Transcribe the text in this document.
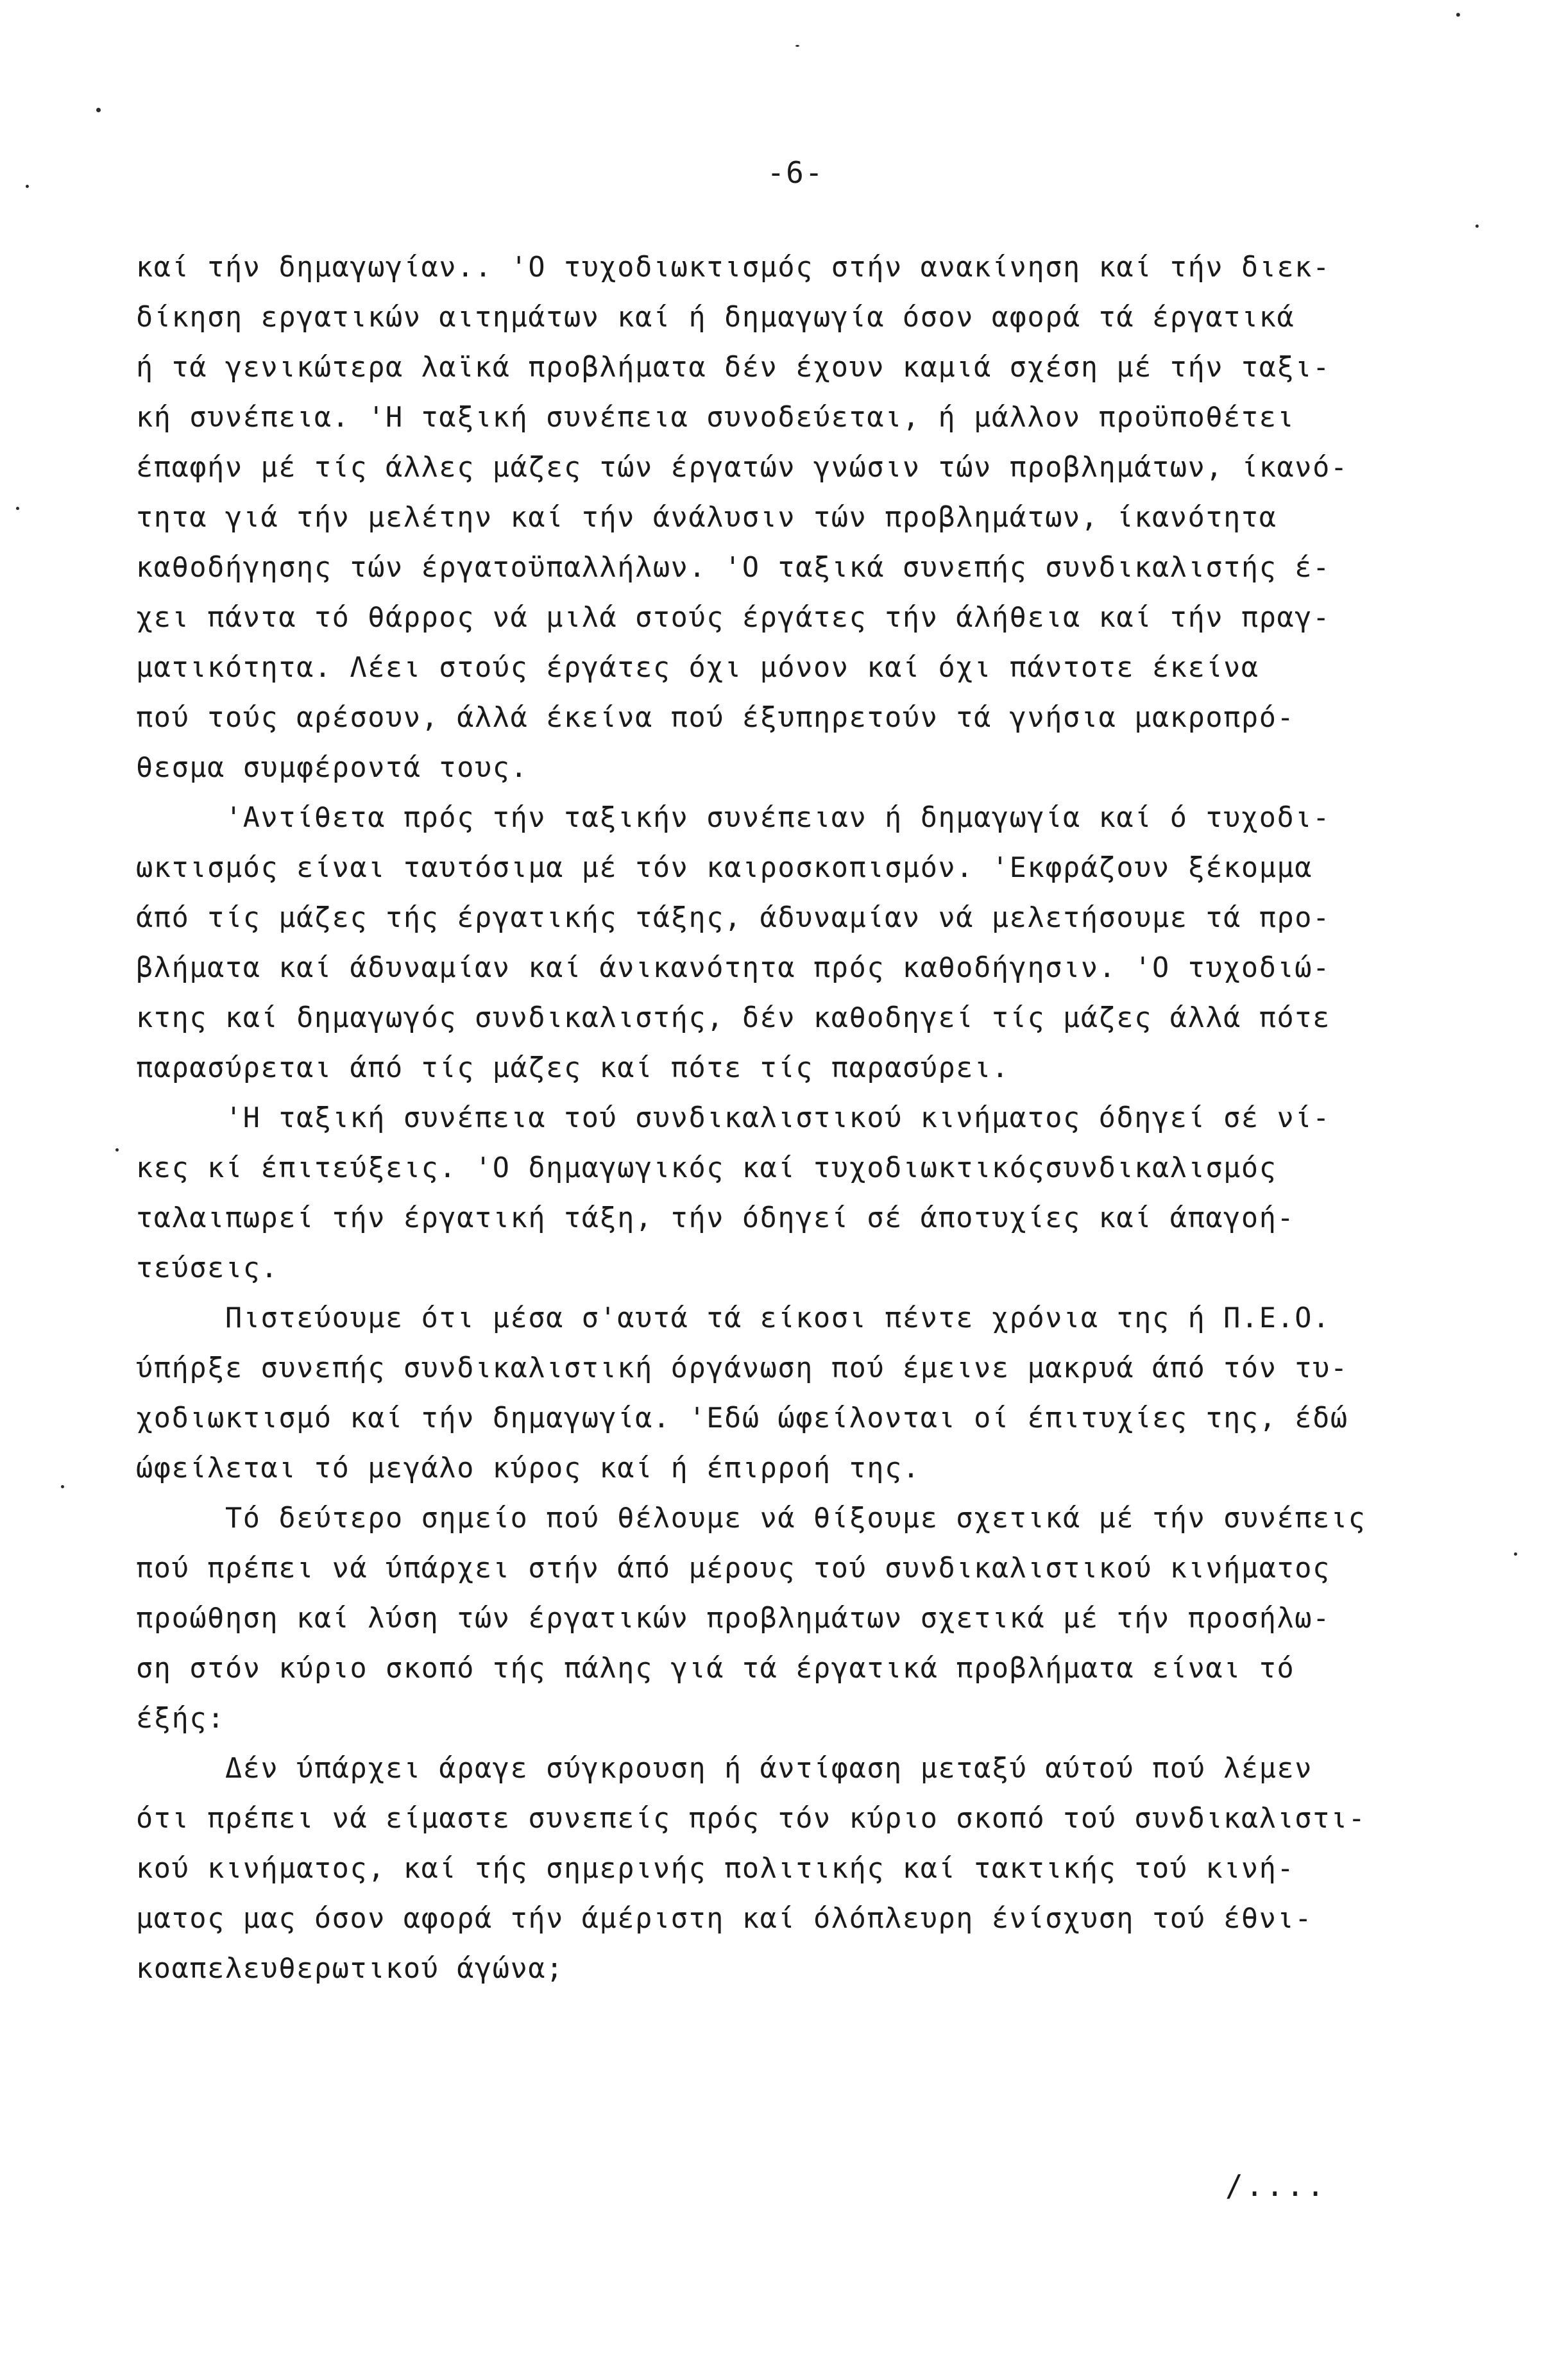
-6-
καί τήν δημαγωγίαν.. 'Ο τυχοδιωκτισμός στήν ανακίνηση καί τήν διεκ-
δίκηση εργατικών αιτημάτων καί ή δημαγωγία όσον αφορά τά έργατικά
ή τά γενικώτερα λαϊκά προβλήματα δέν έχουν καμιά σχέση μέ τήν ταξι-
κή συνέπεια. 'Η ταξική συνέπεια συνοδεύεται, ή μάλλον προϋποθέτει
έπαφήν μέ τίς άλλες μάζες τών έργατών γνώσιν τών προβλημάτων, ίκανό-
τητα γιά τήν μελέτην καί τήν άνάλυσιν τών προβλημάτων, ίκανότητα
καθοδήγησης τών έργατοϋπαλλήλων. 'Ο ταξικά συνεπής συνδικαλιστής έ-
χει πάντα τό θάρρος νά μιλά στούς έργάτες τήν άλήθεια καί τήν πραγ-
ματικότητα. Λέει στούς έργάτες όχι μόνον καί όχι πάντοτε έκείνα
πού τούς αρέσουν, άλλά έκείνα πού έξυπηρετούν τά γνήσια μακροπρό-
θεσμα συμφέροντά τους.
'Αντίθετα πρός τήν ταξικήν συνέπειαν ή δημαγωγία καί ό τυχοδι-
ωκτισμός είναι ταυτόσιμα μέ τόν καιροσκοπισμόν. 'Εκφράζουν ξέκομμα
άπό τίς μάζες τής έργατικής τάξης, άδυναμίαν νά μελετήσουμε τά προ-
βλήματα καί άδυναμίαν καί άνικανότητα πρός καθοδήγησιν. 'Ο τυχοδιώ-
κτης καί δημαγωγός συνδικαλιστής, δέν καθοδηγεί τίς μάζες άλλά πότε
παρασύρεται άπό τίς μάζες καί πότε τίς παρασύρει.
'Η ταξική συνέπεια τού συνδικαλιστικού κινήματος όδηγεί σέ νί-
κες κί έπιτεύξεις. 'Ο δημαγωγικός καί τυχοδιωκτικόςσυνδικαλισμός
ταλαιπωρεί τήν έργατική τάξη, τήν όδηγεί σέ άποτυχίες καί άπαγοή-
τεύσεις.
Πιστεύουμε ότι μέσα σ'αυτά τά είκοσι πέντε χρόνια της ή Π.Ε.Ο.
ύπήρξε συνεπής συνδικαλιστική όργάνωση πού έμεινε μακρυά άπό τόν τυ-
χοδιωκτισμό καί τήν δημαγωγία. 'Εδώ ώφείλονται οί έπιτυχίες της, έδώ
ώφείλεται τό μεγάλο κύρος καί ή έπιρροή της.
Τό δεύτερο σημείο πού θέλουμε νά θίξουμε σχετικά μέ τήν συνέπεις
πού πρέπει νά ύπάρχει στήν άπό μέρους τού συνδικαλιστικού κινήματος
προώθηση καί λύση τών έργατικών προβλημάτων σχετικά μέ τήν προσήλω-
ση στόν κύριο σκοπό τής πάλης γιά τά έργατικά προβλήματα είναι τό
έξής:
Δέν ύπάρχει άραγε σύγκρουση ή άντίφαση μεταξύ αύτού πού λέμεν
ότι πρέπει νά είμαστε συνεπείς πρός τόν κύριο σκοπό τού συνδικαλιστι-
κού κινήματος, καί τής σημερινής πολιτικής καί τακτικής τού κινή-
ματος μας όσον αφορά τήν άμέριστη καί όλόπλευρη ένίσχυση τού έθνι-
κοαπελευθερωτικού άγώνα;
/....
